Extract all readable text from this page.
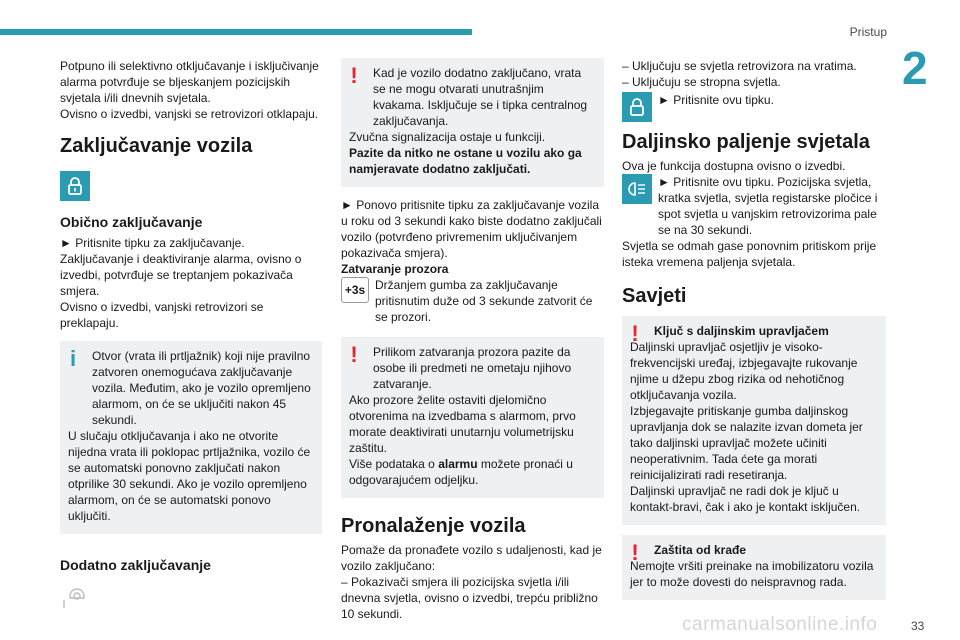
Pristup
2

Potpuno ili selektivno otključavanje i isključivanje alarma potvrđuje se bljeskanjem pozicijskih svjetala i/ili dnevnih svjetala.

Ovisno o izvedbi, vanjski se retrovizori otklapaju.

Zaključavanje vozila
Obično zaključavanje

► Pritisnite tipku za zaključavanje.

Zaključavanje i deaktiviranje alarma, ovisno o izvedbi, potvrđuje se treptanjem pokazivača smjera.

Ovisno o izvedbi, vanjski retrovizori se preklapaju.

i	Otvor (vrata ili prtljažnik) koji nije pravilno zatvoren onemogućava zaključavanje vozila. Međutim, ako je vozilo opremljeno alarmom, on će se uključiti nakon 45 sekundi.

U slučaju otključavanja i ako ne otvorite nijedna vrata ili poklopac prtljažnika, vozilo će se automatski ponovno zaključati nakon otprilike 30 sekundi. Ako je vozilo opremljeno alarmom, on će se automatski ponovo uključiti.

Dodatno zaključavanje
!	Kad je vozilo dodatno zaključano, vrata se ne mogu otvarati unutrašnjim kvakama. Isključuje se i tipka centralnog zaključavanja.

Zvučna signalizacija ostaje u funkciji.

Pazite da nitko ne ostane u vozilu ako ga namjeravate dodatno zaključati.

► Ponovo pritisnite tipku za zaključavanje vozila u roku od 3 sekundi kako biste dodatno zaključali vozilo (potvrđeno privremenim uključivanjem pokazivača smjera).

Zatvaranje prozora

+3s Držanjem gumba za zaključavanje pritisnutim duže od 3 sekunde zatvorit će se prozori.

!	Prilikom zatvaranja prozora pazite da osobe ili predmeti ne ometaju njihovo zatvaranje.

Ako prozore želite ostaviti djelomično otvorenima na izvedbama s alarmom, prvo morate deaktivirati unutarnju volumetrijsku zaštitu.

Više podataka o alarmu možete pronaći u odgovarajućem odjeljku.

Pronalaženje vozila

Pomaže da pronađete vozilo s udaljenosti, kad je vozilo zaključano:

– Pokazivači smjera ili pozicijska svjetla i/ili dnevna svjetla, ovisno o izvedbi, trepću približno 10 sekundi.

– Uključuju se svjetla retrovizora na vratima.

– Uključuju se stropna svjetla.

► Pritisnite ovu tipku.

Daljinsko paljenje svjetala

Ova je funkcija dostupna ovisno o izvedbi.

► Pritisnite ovu tipku. Pozicijska svjetla, kratka svjetla, svjetla registarske pločice i spot svjetla u vanjskim retrovizorima pale se na 30 sekundi.

Svjetla se odmah gase ponovnim pritiskom prije isteka vremena paljenja svjetala.

Savjeti
!	Ključ s daljinskim upravljačem

Daljinski upravljač osjetljiv je visoko-frekvencijski uređaj, izbjegavajte rukovanje njime u džepu zbog rizika od nehotičnog otključavanja vozila.

Izbjegavajte pritiskanje gumba daljinskog upravljanja dok se nalazite izvan dometa jer tako daljinski upravljač možete učiniti neoperativnim. Tada ćete ga morati reinicijalizirati radi resetiranja.

Daljinski upravljač ne radi dok je ključ u kontakt-bravi, čak i ako je kontakt isključen.

!	Zaštita od krađe

Nemojte vršiti preinake na imobilizatoru vozila jer to može dovesti do neispravnog rada.

carmanualsonline.info	33
